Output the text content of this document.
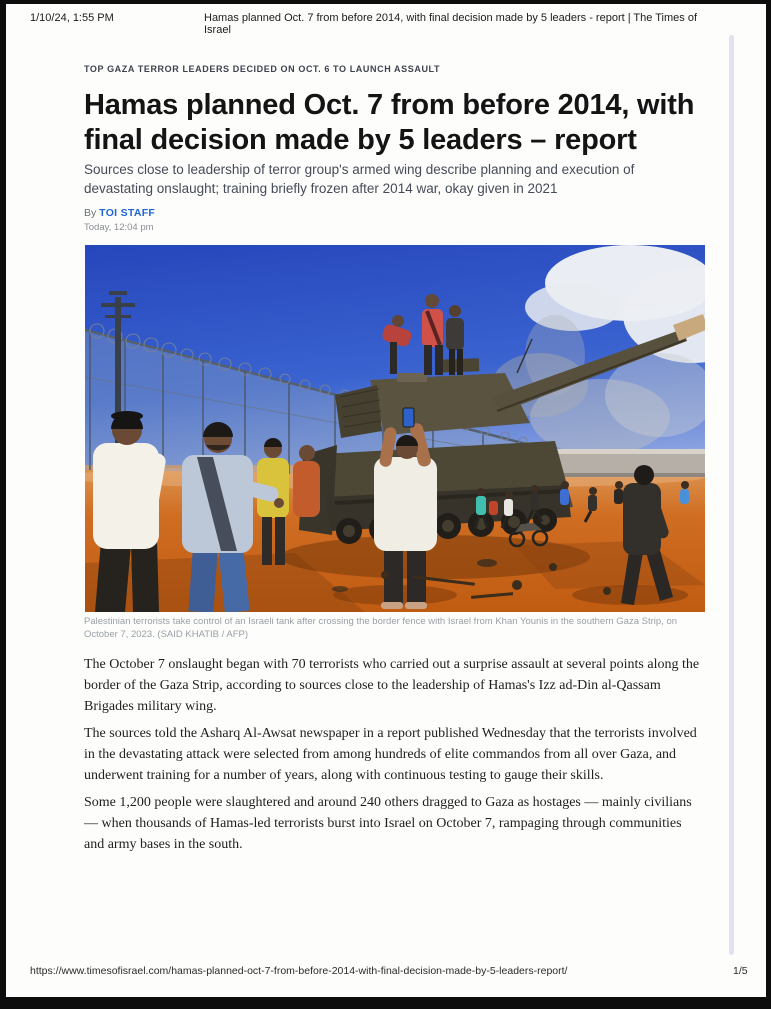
1/10/24, 1:55 PM	Hamas planned Oct. 7 from before 2014, with final decision made by 5 leaders - report | The Times of Israel
TOP GAZA TERROR LEADERS DECIDED ON OCT. 6 TO LAUNCH ASSAULT
Hamas planned Oct. 7 from before 2014, with final decision made by 5 leaders – report
Sources close to leadership of terror group's armed wing describe planning and execution of devastating onslaught; training briefly frozen after 2014 war, okay given in 2021
By TOI STAFF
Today, 12:04 pm
Palestinian terrorists take control of an Israeli tank after crossing the border fence with Israel from Khan Younis in the southern Gaza Strip, on October 7, 2023. (SAID KHATIB / AFP)

The October 7 onslaught began with 70 terrorists who carried out a surprise assault at several points along the border of the Gaza Strip, according to sources close to the leadership of Hamas's Izz ad-Din al-Qassam Brigades military wing.

The sources told the Asharq Al-Awsat newspaper in a report published Wednesday that the terrorists involved in the devastating attack were selected from among hundreds of elite commandos from all over Gaza, and underwent training for a number of years, along with continuous testing to gauge their skills.

Some 1,200 people were slaughtered and around 240 others dragged to Gaza as hostages — mainly civilians — when thousands of Hamas-led terrorists burst into Israel on October 7, rampaging through communities and army bases in the south.

https://www.timesofisrael.com/hamas-planned-oct-7-from-before-2014-with-final-decision-made-by-5-leaders-report/	1/5
